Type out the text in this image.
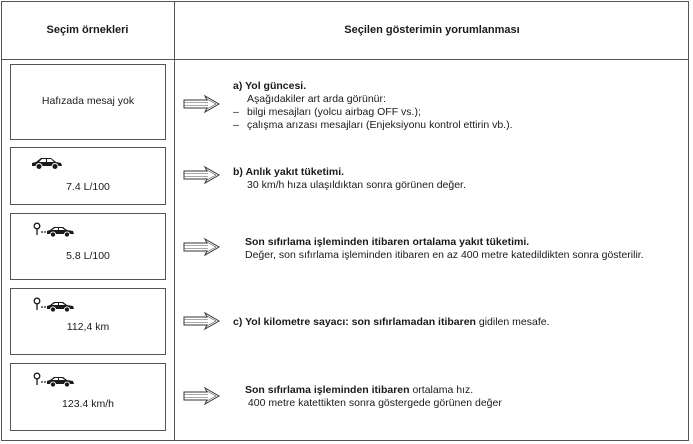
Seçim örnekleri	Seçilen gösterimin yorumlanması
Hafızada mesaj yok
a) Yol güncesi.
Aşağıdakiler art arda görünür:
– bilgi mesajları (yolcu airbag OFF vs.);
– çalışma arızası mesajları (Enjeksiyonu kontrol ettirin vb.).
7.4 L/100
b) Anlık yakıt tüketimi.
30 km/h hıza ulaşıldıktan sonra görünen değer.
5.8 L/100
Son sıfırlama işleminden itibaren ortalama yakıt tüketimi.
Değer, son sıfırlama işleminden itibaren en az 400 metre katedildikten sonra gösterilir.
112,4 km	c) Yol kilometre sayacı: son sıfırlamadan itibaren gidilen mesafe.
123.4 km/h
Son sıfırlama işleminden itibaren ortalama hız.
400 metre katettikten sonra göstergede görünen değer
